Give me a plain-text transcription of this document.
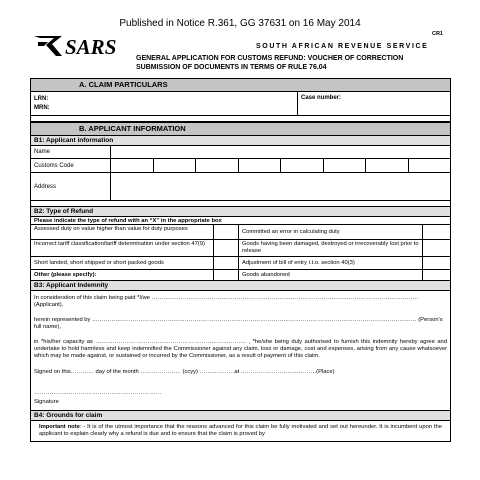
Published in Notice R.361, GG 37631 on 16 May 2014
SARS
CR1
SOUTH AFRICAN REVENUE SERVICE
GENERAL APPLICATION FOR CUSTOMS REFUND: VOUCHER OF CORRECTION
SUBMISSION OF DOCUMENTS IN TERMS OF RULE 76.04
A. CLAIM PARTICULARS
LRN:
MRN:
Case number:
B. APPLICANT INFORMATION
B1: Applicant information
Name
Customs Code
Address
B2: Type of Refund
Please indicate the type of refund with an “X” in the appropriate box
Assessed duty on value higher than value for duty purposes	Committed an error in calculating duty
Incorrect tariff classification/tariff determination under section 47(9)	Goods having been damaged, destroyed or irrecoverably lost prior to release
Short landed, short shipped or short packed goods	Adjustment of bill of entry i.t.o. section 40(3)
Other (please specify):	Goods abandoned
B3: Applicant Indemnity

In consideration of this claim being paid *I/we ………………………………………………………………………………………………………………………… (Applicant),

herein represented by …………………………………………………………………………………………………………………………………………………… (Person’s full name),

in *his/her capacity as …………………………………………………………………… , *he/she being duly authorised to furnish this indemnity hereby agree and undertake to hold harmless and keep indemnified the Commissioner against any claim, loss or damage, cost and expenses, arising from any cause whatsoever which may be made against, or sustained or incurred by the Commissioner, as a result of payment of this claim.

Signed on this………… day of the month ………………… (ccyy) ………………at …………………………………(Place)

…………………………………………………………

Signature

B4: Grounds for claim
Important note: - It is of the utmost importance that the reasons advanced for this claim be fully motivated and set out hereunder. It is incumbent upon the applicant to explain clearly why a refund is due and to ensure that the claim is proved by
